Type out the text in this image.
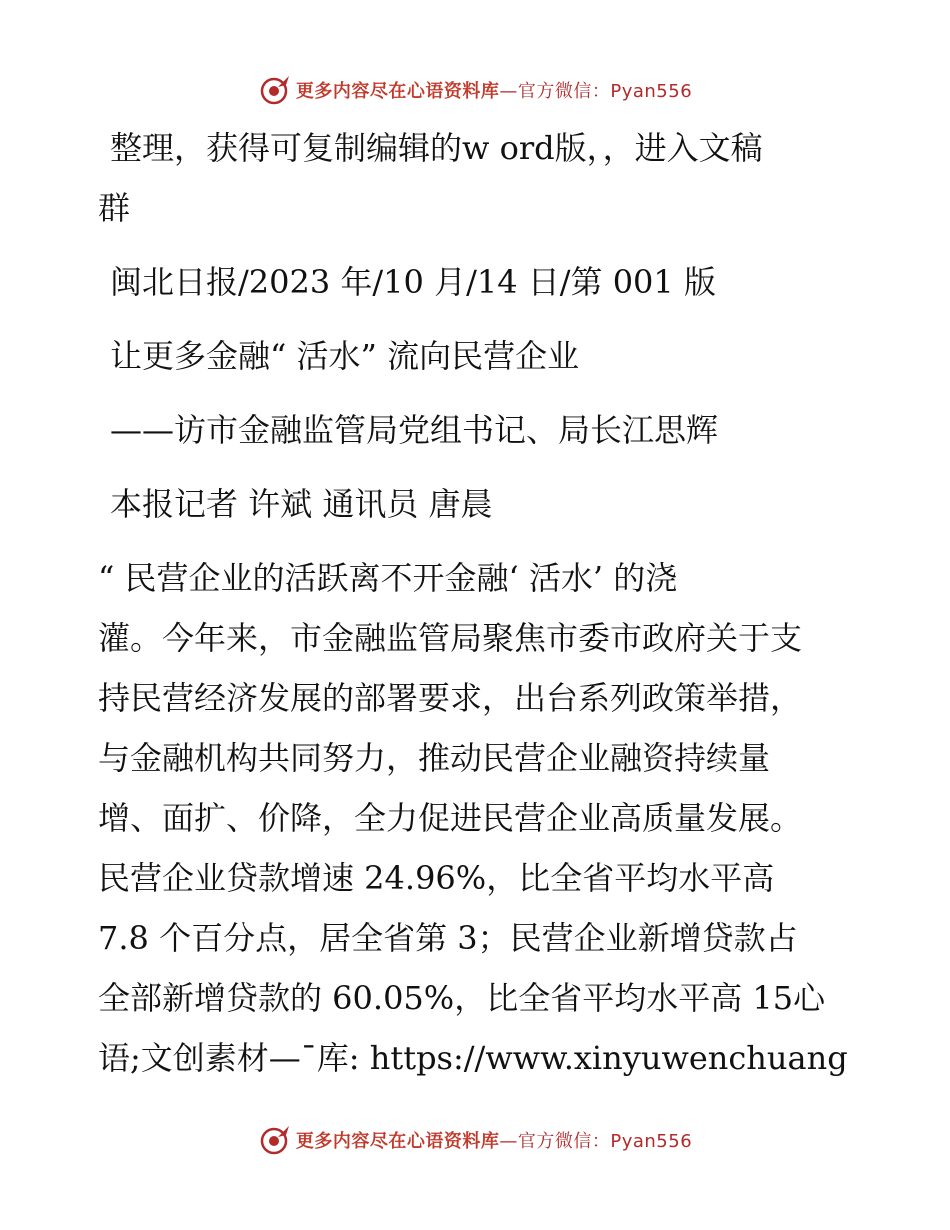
更多内容尽在心语资料库—官方微信：Pyan556
整理，获得可复制编辑的w ord版，，进入文稿
群
闽北日报/2023 年/10 月/14 日/第 001 版
让更多金融“ 活水” 流向民营企业
——访市金融监管局党组书记、局长江思辉
本报记者 许斌 通讯员 唐晨
“ 民营企业的活跃离不开金融‘ 活水’ 的浇
灌。今年来，市金融监管局聚焦市委市政府关于支
持民营经济发展的部署要求，出台系列政策举措，
与金融机构共同努力，推动民营企业融资持续量
增、面扩、价降，全力促进民营企业高质量发展。
民营企业贷款增速 24.96%，比全省平均水平高
7.8 个百分点，居全省第 3；民营企业新增贷款占
全部新增贷款的 60.05%，比全省平均水平高 15心
语;文创素材—¯库: https://www.xinyuwenchuang
更多内容尽在心语资料库—官方微信：Pyan556
